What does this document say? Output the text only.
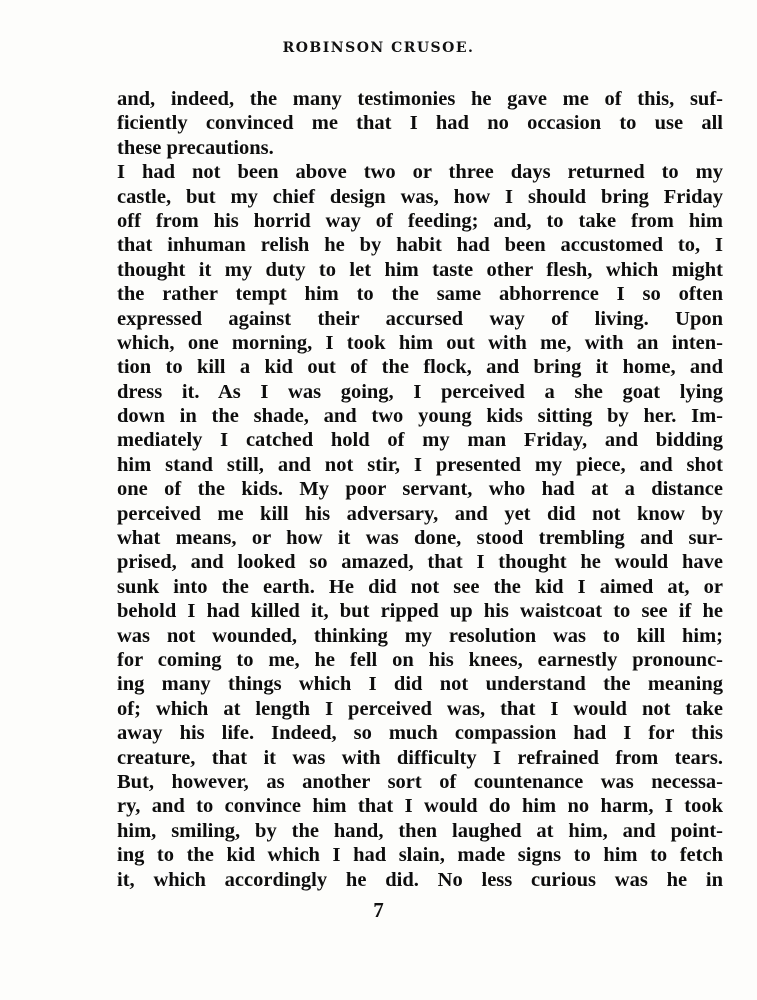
ROBINSON CRUSOE.
and, indeed, the many testimonies he gave me of this, suf-
ficiently convinced me that I had no occasion to use all
these precautions.
I had not been above two or three days returned to my
castle, but my chief design was, how I should bring Friday
off from his horrid way of feeding; and, to take from him
that inhuman relish he by habit had been accustomed to, I
thought it my duty to let him taste other flesh, which might
the rather tempt him to the same abhorrence I so often
expressed against their accursed way of living. Upon
which, one morning, I took him out with me, with an inten-
tion to kill a kid out of the flock, and bring it home, and
dress it. As I was going, I perceived a she goat lying
down in the shade, and two young kids sitting by her. Im-
mediately I catched hold of my man Friday, and bidding
him stand still, and not stir, I presented my piece, and shot
one of the kids. My poor servant, who had at a distance
perceived me kill his adversary, and yet did not know by
what means, or how it was done, stood trembling and sur-
prised, and looked so amazed, that I thought he would have
sunk into the earth. He did not see the kid I aimed at, or
behold I had killed it, but ripped up his waistcoat to see if he
was not wounded, thinking my resolution was to kill him;
for coming to me, he fell on his knees, earnestly pronounc-
ing many things which I did not understand the meaning
of; which at length I perceived was, that I would not take
away his life. Indeed, so much compassion had I for this
creature, that it was with difficulty I refrained from tears.
But, however, as another sort of countenance was necessa-
ry, and to convince him that I would do him no harm, I took
him, smiling, by the hand, then laughed at him, and point-
ing to the kid which I had slain, made signs to him to fetch
it, which accordingly he did. No less curious was he in
7
